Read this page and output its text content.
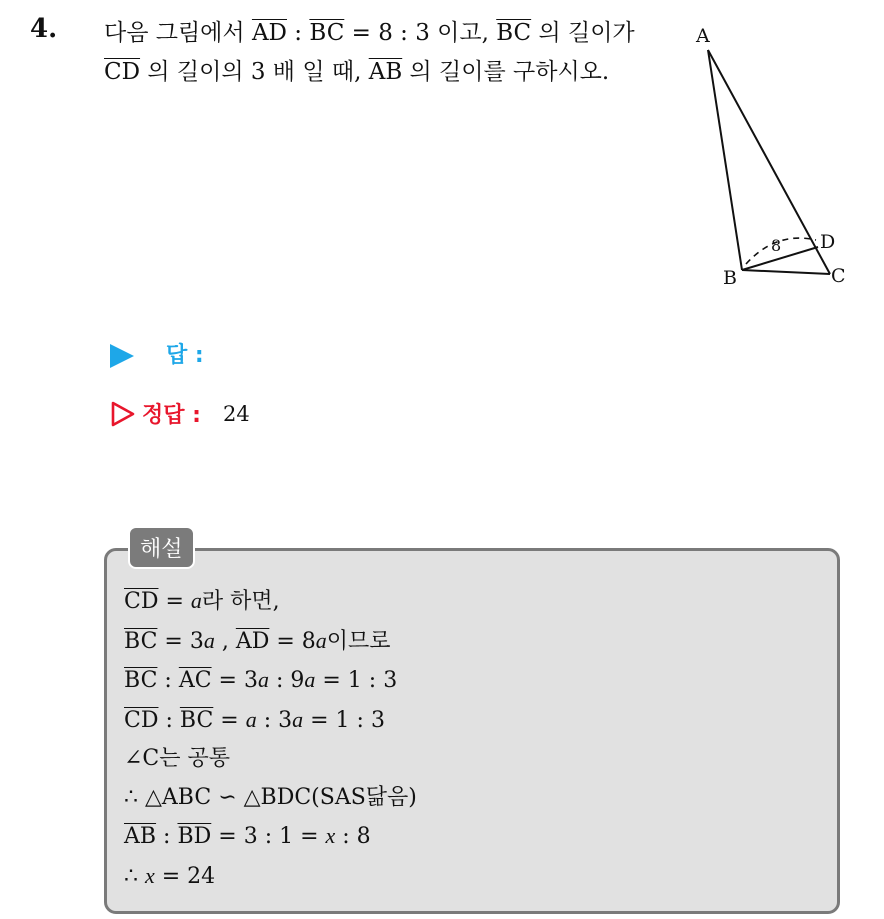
4. 다음 그림에서 $\overline{AD}$ : $\overline{BC} = 8$ : 3 이고, $\overline{BC}$ 의 길이가
$\overline{CD}$ 의 길이의 3 배 일 때, $\overline{AB}$ 의 길이를 구하시오.
A
B	C
D
8
답 :
정답 : 24
해설
$\overline{CD} = a$라 하면,
$\overline{BC} = 3a$ , $\overline{AD} = 8a$이므로
$\overline{BC}$ : $\overline{AC} = 3a$ : 9a = 1 : 3
$\overline{CD}$ : $\overline{BC} = a$ : 3a = 1 : 3
∠C는 공통
∴ △ABC ∽ △BDC(SAS닮음)
$\overline{AB}$ : $\overline{BD} = 3$ : 1 = x : 8
∴ x = 24
